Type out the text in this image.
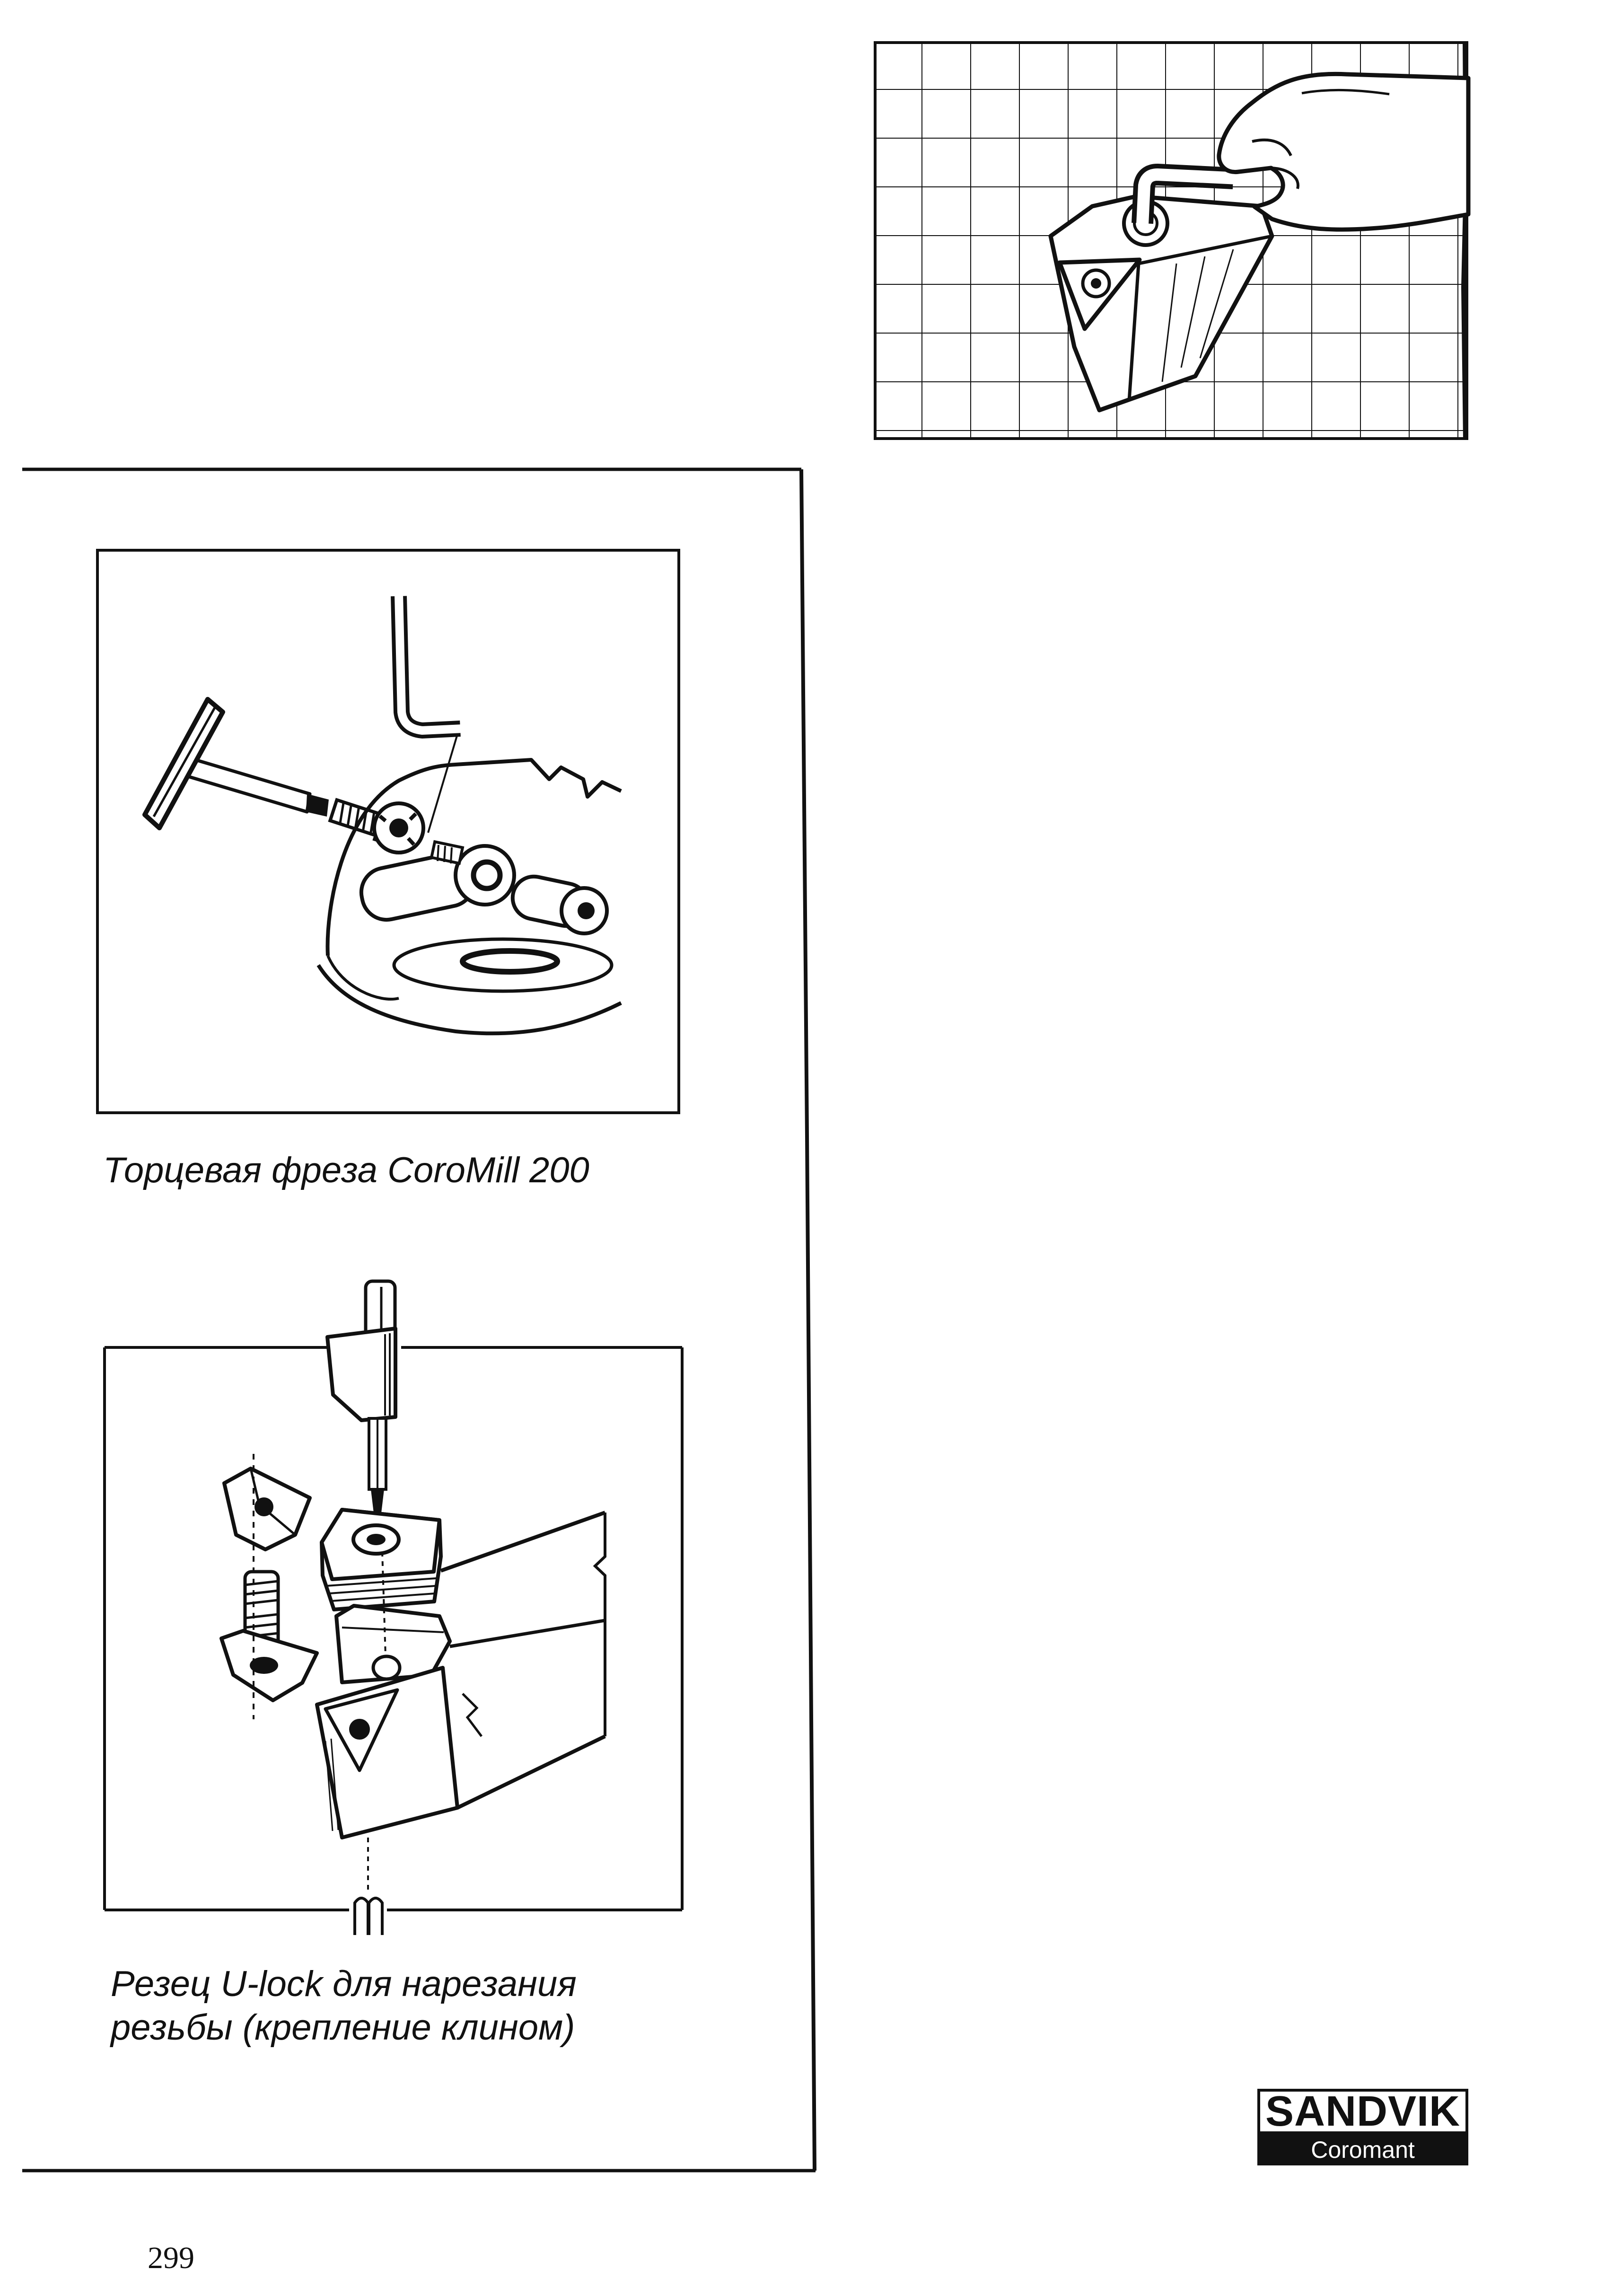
Торцевая фреза CoroMill 200
Резец U-lock для нарезания
резьбы (крепление клином)
SANDVIK
Coromant
299
